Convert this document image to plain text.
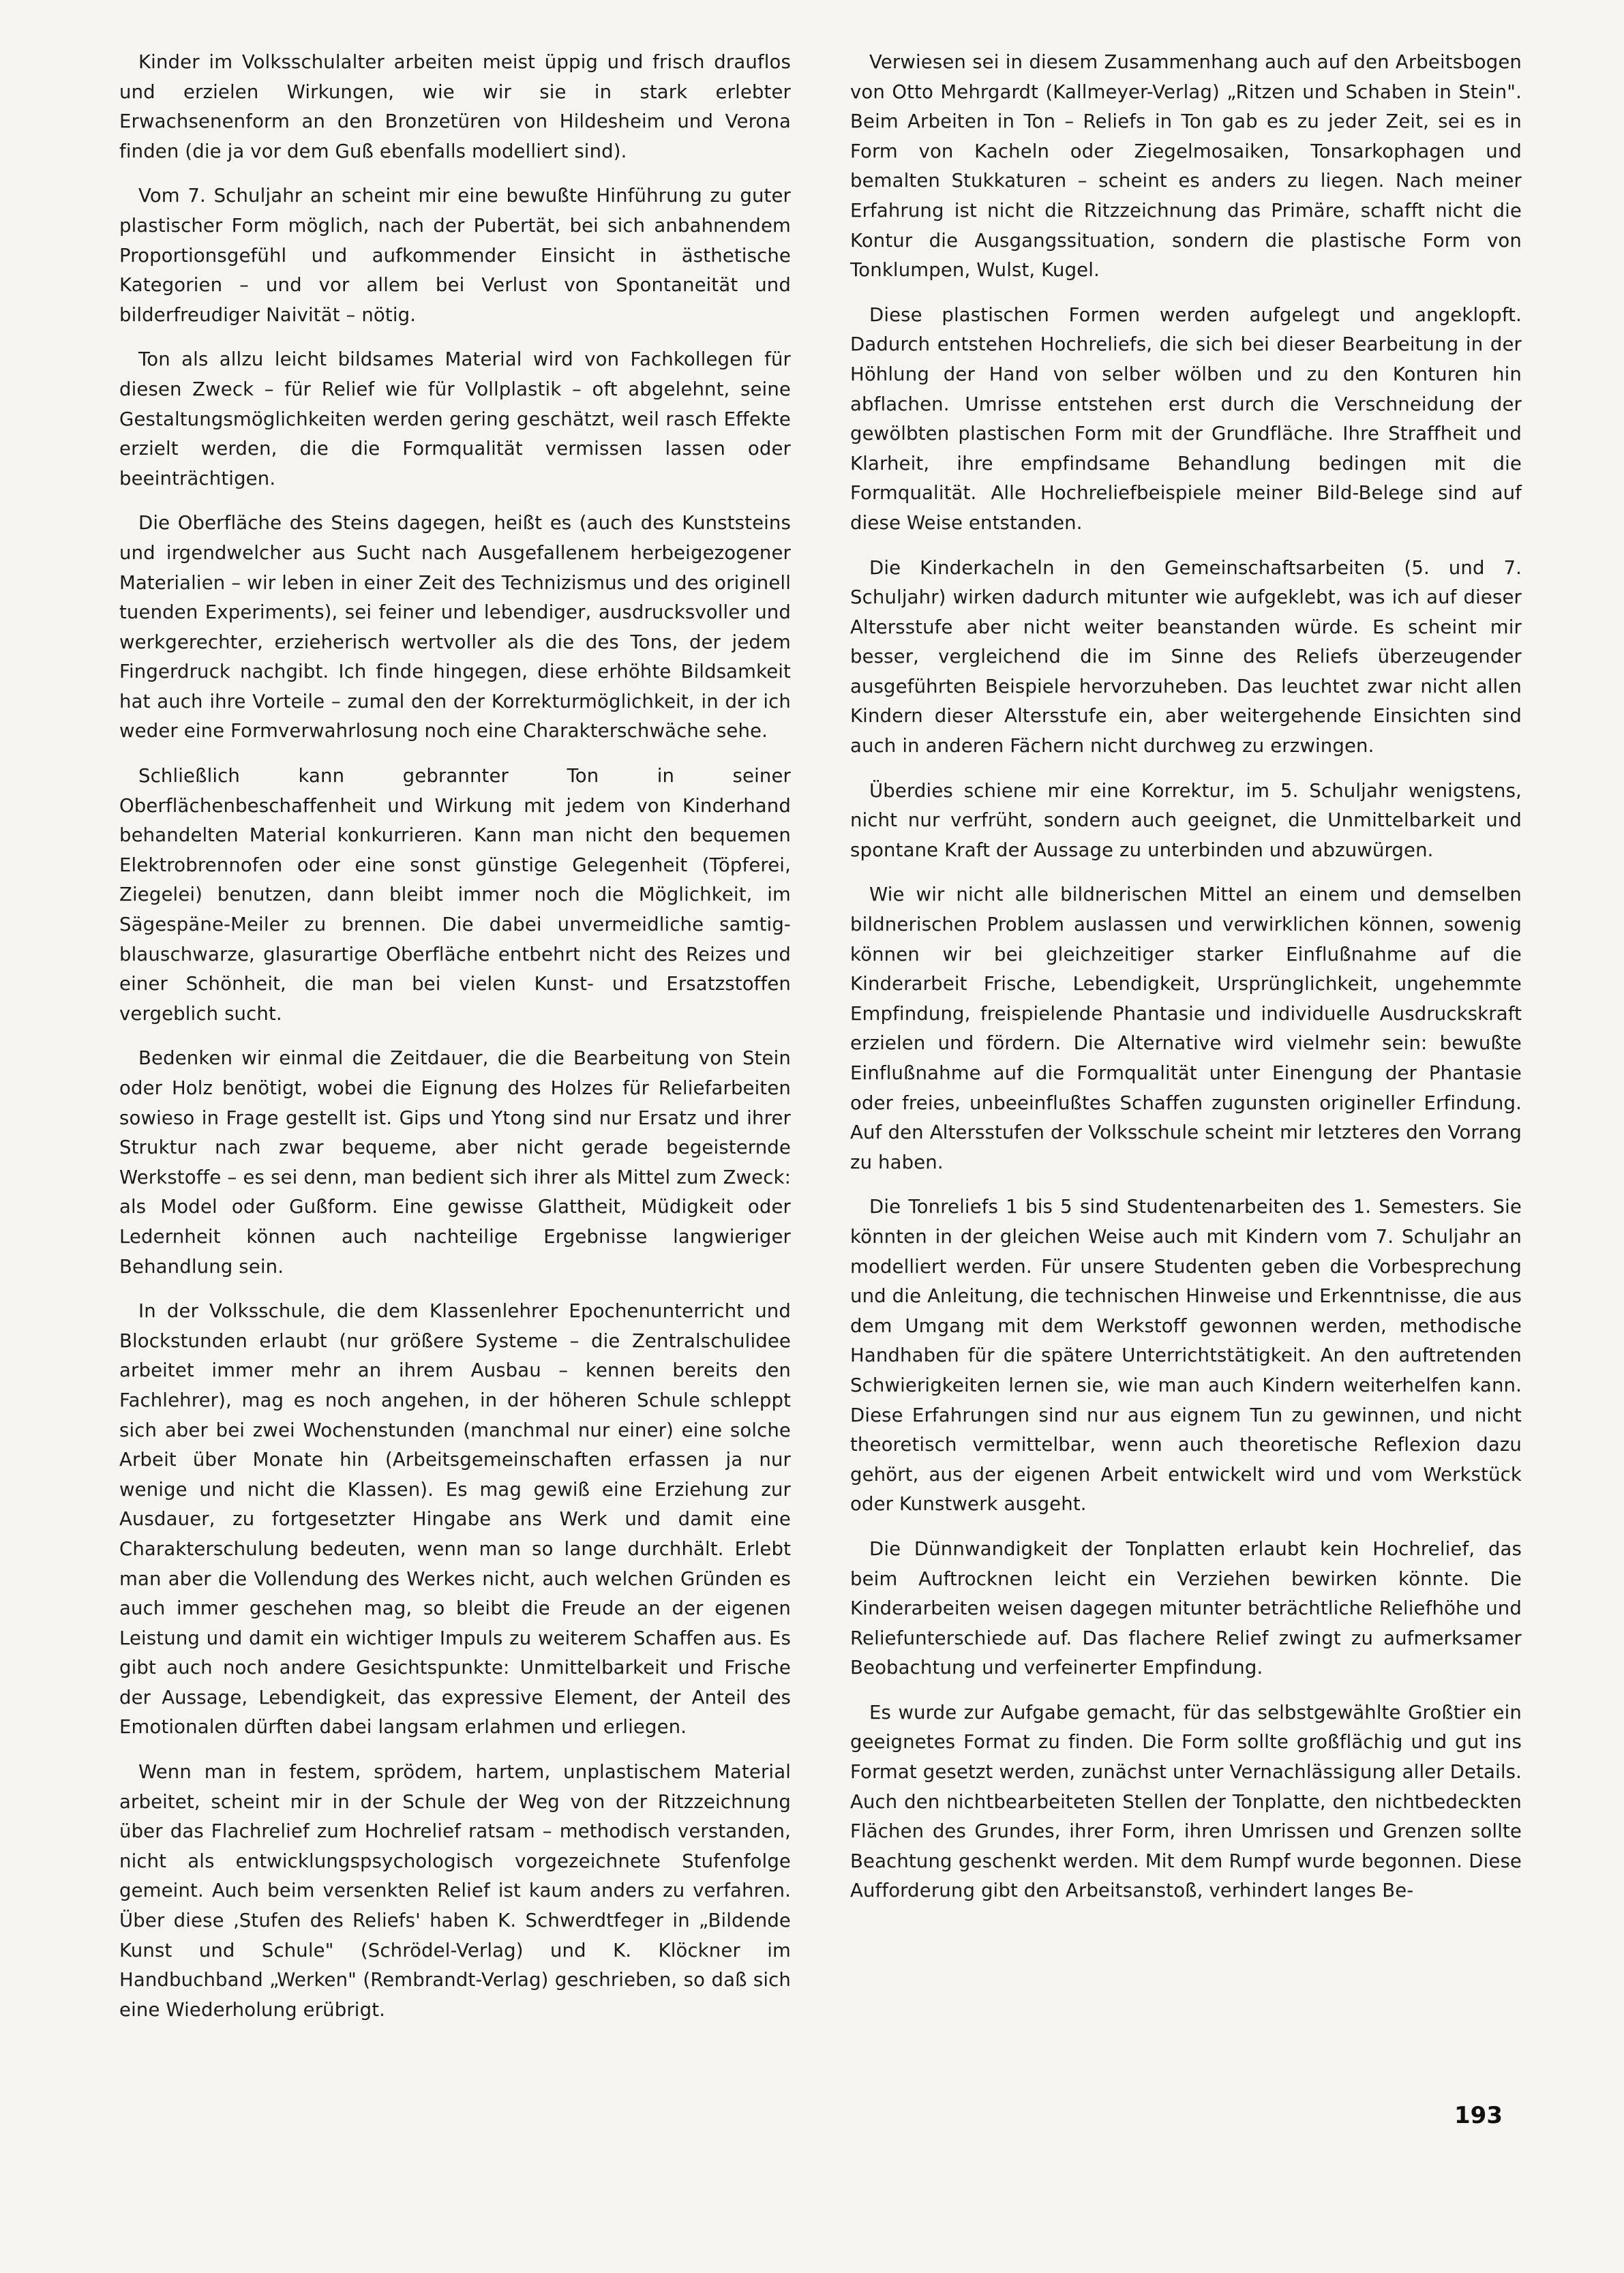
Kinder im Volksschulalter arbeiten meist üppig und frisch drauflos und erzielen Wirkungen, wie wir sie in stark erlebter Erwachsenenform an den Bronzetüren von Hildesheim und Verona finden (die ja vor dem Guß ebenfalls modelliert sind).

Vom 7. Schuljahr an scheint mir eine bewußte Hinführung zu guter plastischer Form möglich, nach der Pubertät, bei sich anbahnendem Proportionsgefühl und aufkommender Einsicht in ästhetische Kategorien – und vor allem bei Verlust von Spontaneität und bilderfreudiger Naivität – nötig.

Ton als allzu leicht bildsames Material wird von Fachkollegen für diesen Zweck – für Relief wie für Vollplastik – oft abgelehnt, seine Gestaltungsmöglichkeiten werden gering geschätzt, weil rasch Effekte erzielt werden, die die Formqualität vermissen lassen oder beeinträchtigen.

Die Oberfläche des Steins dagegen, heißt es (auch des Kunststeins und irgendwelcher aus Sucht nach Ausgefallenem herbeigezogener Materialien – wir leben in einer Zeit des Technizismus und des originell tuenden Experiments), sei feiner und lebendiger, ausdrucksvoller und werkgerechter, erzieherisch wertvoller als die des Tons, der jedem Fingerdruck nachgibt. Ich finde hingegen, diese erhöhte Bildsamkeit hat auch ihre Vorteile – zumal den der Korrekturmöglichkeit, in der ich weder eine Formverwahrlosung noch eine Charakterschwäche sehe.

Schließlich kann gebrannter Ton in seiner Oberflächenbeschaffenheit und Wirkung mit jedem von Kinderhand behandelten Material konkurrieren. Kann man nicht den bequemen Elektrobrennofen oder eine sonst günstige Gelegenheit (Töpferei, Ziegelei) benutzen, dann bleibt immer noch die Möglichkeit, im Sägespäne-Meiler zu brennen. Die dabei unvermeidliche samtig-blauschwarze, glasurartige Oberfläche entbehrt nicht des Reizes und einer Schönheit, die man bei vielen Kunst- und Ersatzstoffen vergeblich sucht.

Bedenken wir einmal die Zeitdauer, die die Bearbeitung von Stein oder Holz benötigt, wobei die Eignung des Holzes für Reliefarbeiten sowieso in Frage gestellt ist. Gips und Ytong sind nur Ersatz und ihrer Struktur nach zwar bequeme, aber nicht gerade begeisternde Werkstoffe – es sei denn, man bedient sich ihrer als Mittel zum Zweck: als Model oder Gußform. Eine gewisse Glattheit, Müdigkeit oder Ledernheit können auch nachteilige Ergebnisse langwieriger Behandlung sein.

In der Volksschule, die dem Klassenlehrer Epochenunterricht und Blockstunden erlaubt (nur größere Systeme – die Zentralschulidee arbeitet immer mehr an ihrem Ausbau – kennen bereits den Fachlehrer), mag es noch angehen, in der höheren Schule schleppt sich aber bei zwei Wochenstunden (manchmal nur einer) eine solche Arbeit über Monate hin (Arbeitsgemeinschaften erfassen ja nur wenige und nicht die Klassen). Es mag gewiß eine Erziehung zur Ausdauer, zu fortgesetzter Hingabe ans Werk und damit eine Charakterschulung bedeuten, wenn man so lange durchhält. Erlebt man aber die Vollendung des Werkes nicht, auch welchen Gründen es auch immer geschehen mag, so bleibt die Freude an der eigenen Leistung und damit ein wichtiger Impuls zu weiterem Schaffen aus. Es gibt auch noch andere Gesichtspunkte: Unmittelbarkeit und Frische der Aussage, Lebendigkeit, das expressive Element, der Anteil des Emotionalen dürften dabei langsam erlahmen und erliegen.

Wenn man in festem, sprödem, hartem, unplastischem Material arbeitet, scheint mir in der Schule der Weg von der Ritzzeichnung über das Flachrelief zum Hochrelief ratsam – methodisch verstanden, nicht als entwicklungspsychologisch vorgezeichnete Stufenfolge gemeint. Auch beim versenkten Relief ist kaum anders zu verfahren. Über diese ‚Stufen des Reliefs' haben K. Schwerdtfeger in „Bildende Kunst und Schule" (Schrödel-Verlag) und K. Klöckner im Handbuchband „Werken" (Rembrandt-Verlag) geschrieben, so daß sich eine Wiederholung erübrigt.

Verwiesen sei in diesem Zusammenhang auch auf den Arbeitsbogen von Otto Mehrgardt (Kallmeyer-Verlag) „Ritzen und Schaben in Stein". Beim Arbeiten in Ton – Reliefs in Ton gab es zu jeder Zeit, sei es in Form von Kacheln oder Ziegelmosaiken, Tonsarkophagen und bemalten Stukkaturen – scheint es anders zu liegen. Nach meiner Erfahrung ist nicht die Ritzzeichnung das Primäre, schafft nicht die Kontur die Ausgangssituation, sondern die plastische Form von Tonklumpen, Wulst, Kugel.

Diese plastischen Formen werden aufgelegt und angeklopft. Dadurch entstehen Hochreliefs, die sich bei dieser Bearbeitung in der Höhlung der Hand von selber wölben und zu den Konturen hin abflachen. Umrisse entstehen erst durch die Verschneidung der gewölbten plastischen Form mit der Grundfläche. Ihre Straffheit und Klarheit, ihre empfindsame Behandlung bedingen mit die Formqualität. Alle Hochreliefbeispiele meiner Bild-Belege sind auf diese Weise entstanden.

Die Kinderkacheln in den Gemeinschaftsarbeiten (5. und 7. Schuljahr) wirken dadurch mitunter wie aufgeklebt, was ich auf dieser Altersstufe aber nicht weiter beanstanden würde. Es scheint mir besser, vergleichend die im Sinne des Reliefs überzeugender ausgeführten Beispiele hervorzuheben. Das leuchtet zwar nicht allen Kindern dieser Altersstufe ein, aber weitergehende Einsichten sind auch in anderen Fächern nicht durchweg zu erzwingen.

Überdies schiene mir eine Korrektur, im 5. Schuljahr wenigstens, nicht nur verfrüht, sondern auch geeignet, die Unmittelbarkeit und spontane Kraft der Aussage zu unterbinden und abzuwürgen.

Wie wir nicht alle bildnerischen Mittel an einem und demselben bildnerischen Problem auslassen und verwirklichen können, sowenig können wir bei gleichzeitiger starker Einflußnahme auf die Kinderarbeit Frische, Lebendigkeit, Ursprünglichkeit, ungehemmte Empfindung, freispielende Phantasie und individuelle Ausdruckskraft erzielen und fördern. Die Alternative wird vielmehr sein: bewußte Einflußnahme auf die Formqualität unter Einengung der Phantasie oder freies, unbeeinflußtes Schaffen zugunsten origineller Erfindung. Auf den Altersstufen der Volksschule scheint mir letzteres den Vorrang zu haben.

Die Tonreliefs 1 bis 5 sind Studentenarbeiten des 1. Semesters. Sie könnten in der gleichen Weise auch mit Kindern vom 7. Schuljahr an modelliert werden. Für unsere Studenten geben die Vorbesprechung und die Anleitung, die technischen Hinweise und Erkenntnisse, die aus dem Umgang mit dem Werkstoff gewonnen werden, methodische Handhaben für die spätere Unterrichtstätigkeit. An den auftretenden Schwierigkeiten lernen sie, wie man auch Kindern weiterhelfen kann. Diese Erfahrungen sind nur aus eignem Tun zu gewinnen, und nicht theoretisch vermittelbar, wenn auch theoretische Reflexion dazu gehört, aus der eigenen Arbeit entwickelt wird und vom Werkstück oder Kunstwerk ausgeht.

Die Dünnwandigkeit der Tonplatten erlaubt kein Hochrelief, das beim Auftrocknen leicht ein Verziehen bewirken könnte. Die Kinderarbeiten weisen dagegen mitunter beträchtliche Reliefhöhe und Reliefunterschiede auf. Das flachere Relief zwingt zu aufmerksamer Beobachtung und verfeinerter Empfindung.

Es wurde zur Aufgabe gemacht, für das selbstgewählte Großtier ein geeignetes Format zu finden. Die Form sollte großflächig und gut ins Format gesetzt werden, zunächst unter Vernachlässigung aller Details. Auch den nichtbearbeiteten Stellen der Tonplatte, den nichtbedeckten Flächen des Grundes, ihrer Form, ihren Umrissen und Grenzen sollte Beachtung geschenkt werden. Mit dem Rumpf wurde begonnen. Diese Aufforderung gibt den Arbeitsanstoß, verhindert langes Be-

193
